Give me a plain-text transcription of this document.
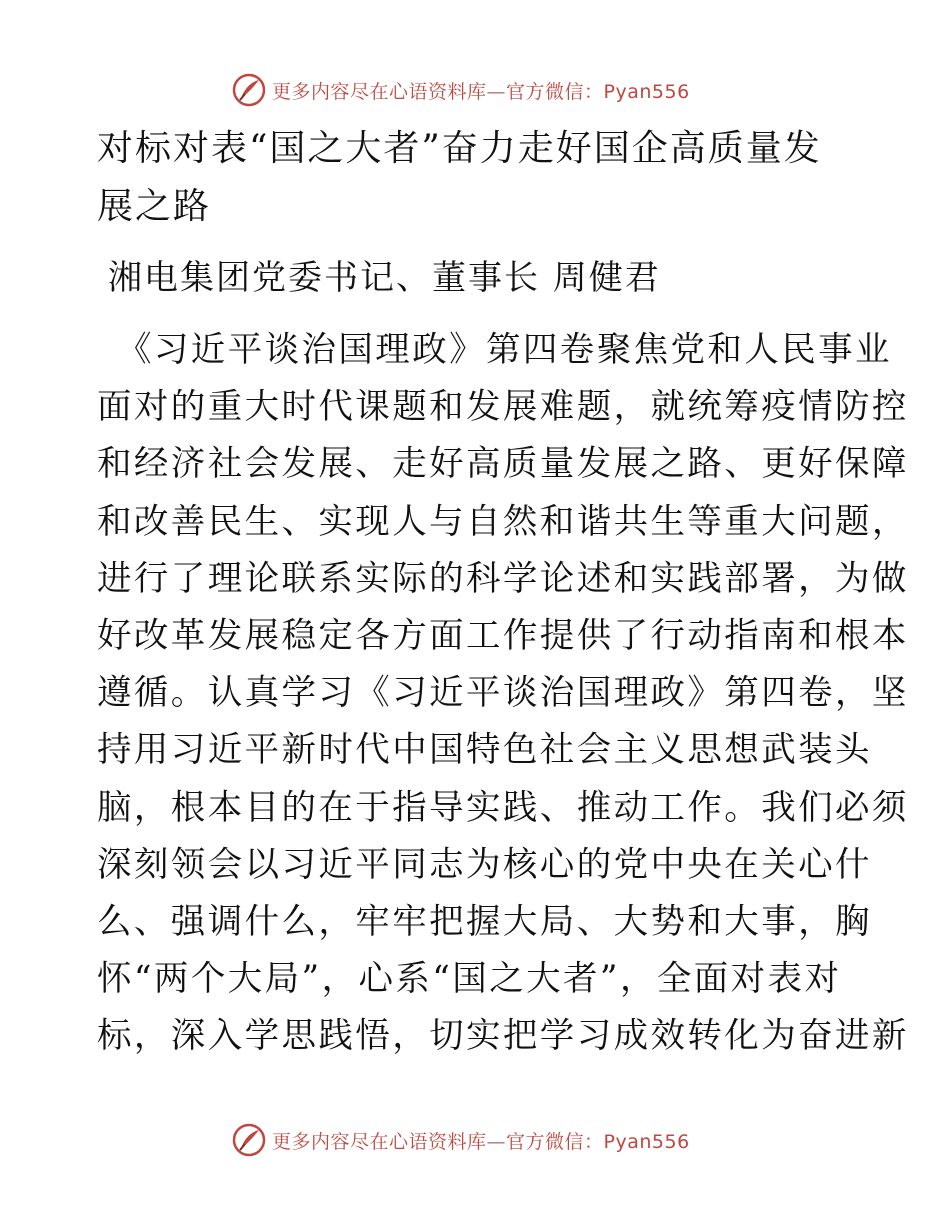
更多内容尽在心语资料库—官方微信：Pyan556
对标对表“国之大者”奋力走好国企高质量发展之路

湘电集团党委书记、董事长 周健君

《习近平谈治国理政》第四卷聚焦党和人民事业
面对的重大时代课题和发展难题，就统筹疫情防控
和经济社会发展、走好高质量发展之路、更好保障
和改善民生、实现人与自然和谐共生等重大问题，
进行了理论联系实际的科学论述和实践部署，为做
好改革发展稳定各方面工作提供了行动指南和根本
遵循。认真学习《习近平谈治国理政》第四卷，坚
持用习近平新时代中国特色社会主义思想武装头
脑，根本目的在于指导实践、推动工作。我们必须
深刻领会以习近平同志为核心的党中央在关心什
么、强调什么，牢牢把握大局、大势和大事，胸
怀“两个大局”，心系“国之大者”，全面对表对
标，深入学思践悟，切实把学习成效转化为奋进新
更多内容尽在心语资料库—官方微信：Pyan556
